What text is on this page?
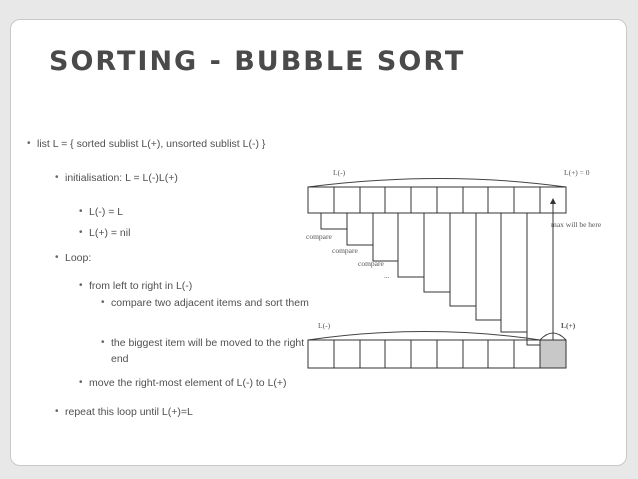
SORTING - BUBBLE SORT
• list L = { sorted sublist L(+), unsorted sublist L(-) }
• initialisation: L = L(-)L(+)
• L(-) = L
• L(+) = nil
• Loop:
• from left to right in L(-)
• compare two adjacent items and sort them
• the biggest item will be moved to the right end
• move the right-most element of L(-) to L(+)
• repeat this loop until L(+)=L
L(-)	L(+) = 0
compare
compare
compare
...
max will be here
L(-)	L(+)
